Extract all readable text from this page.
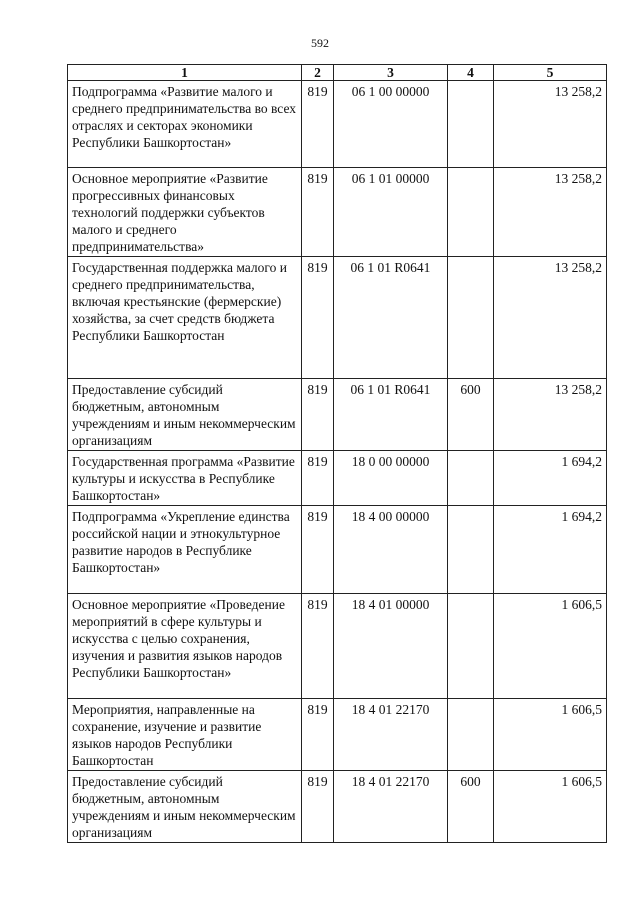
592
1	2	3	4	5
Подпрограмма «Развитие малого и среднего предпринимательства во всех отраслях и секторах экономики Республики Башкортостан»	819	06 1 00 00000		13 258,2
Основное мероприятие «Развитие прогрессивных финансовых технологий поддержки субъектов малого и среднего предпринимательства»	819	06 1 01 00000		13 258,2
Государственная поддержка малого и среднего предпринимательства, включая крестьянские (фермерские) хозяйства, за счет средств бюджета Республики Башкортостан	819	06 1 01 R0641		13 258,2
Предоставление субсидий бюджетным, автономным учреждениям и иным некоммерческим организациям	819	06 1 01 R0641	600	13 258,2
Государственная программа «Развитие культуры и искусства в Республике Башкортостан»	819	18 0 00 00000		1 694,2
Подпрограмма «Укрепление единства российской нации и этнокультурное развитие народов в Республике Башкортостан»	819	18 4 00 00000		1 694,2
Основное мероприятие «Проведение мероприятий в сфере культуры и искусства с целью сохранения, изучения и развития языков народов Республики Башкортостан»	819	18 4 01 00000		1 606,5
Мероприятия, направленные на сохранение, изучение и развитие языков народов Республики Башкортостан	819	18 4 01 22170		1 606,5
Предоставление субсидий бюджетным, автономным учреждениям и иным некоммерческим организациям	819	18 4 01 22170	600	1 606,5
